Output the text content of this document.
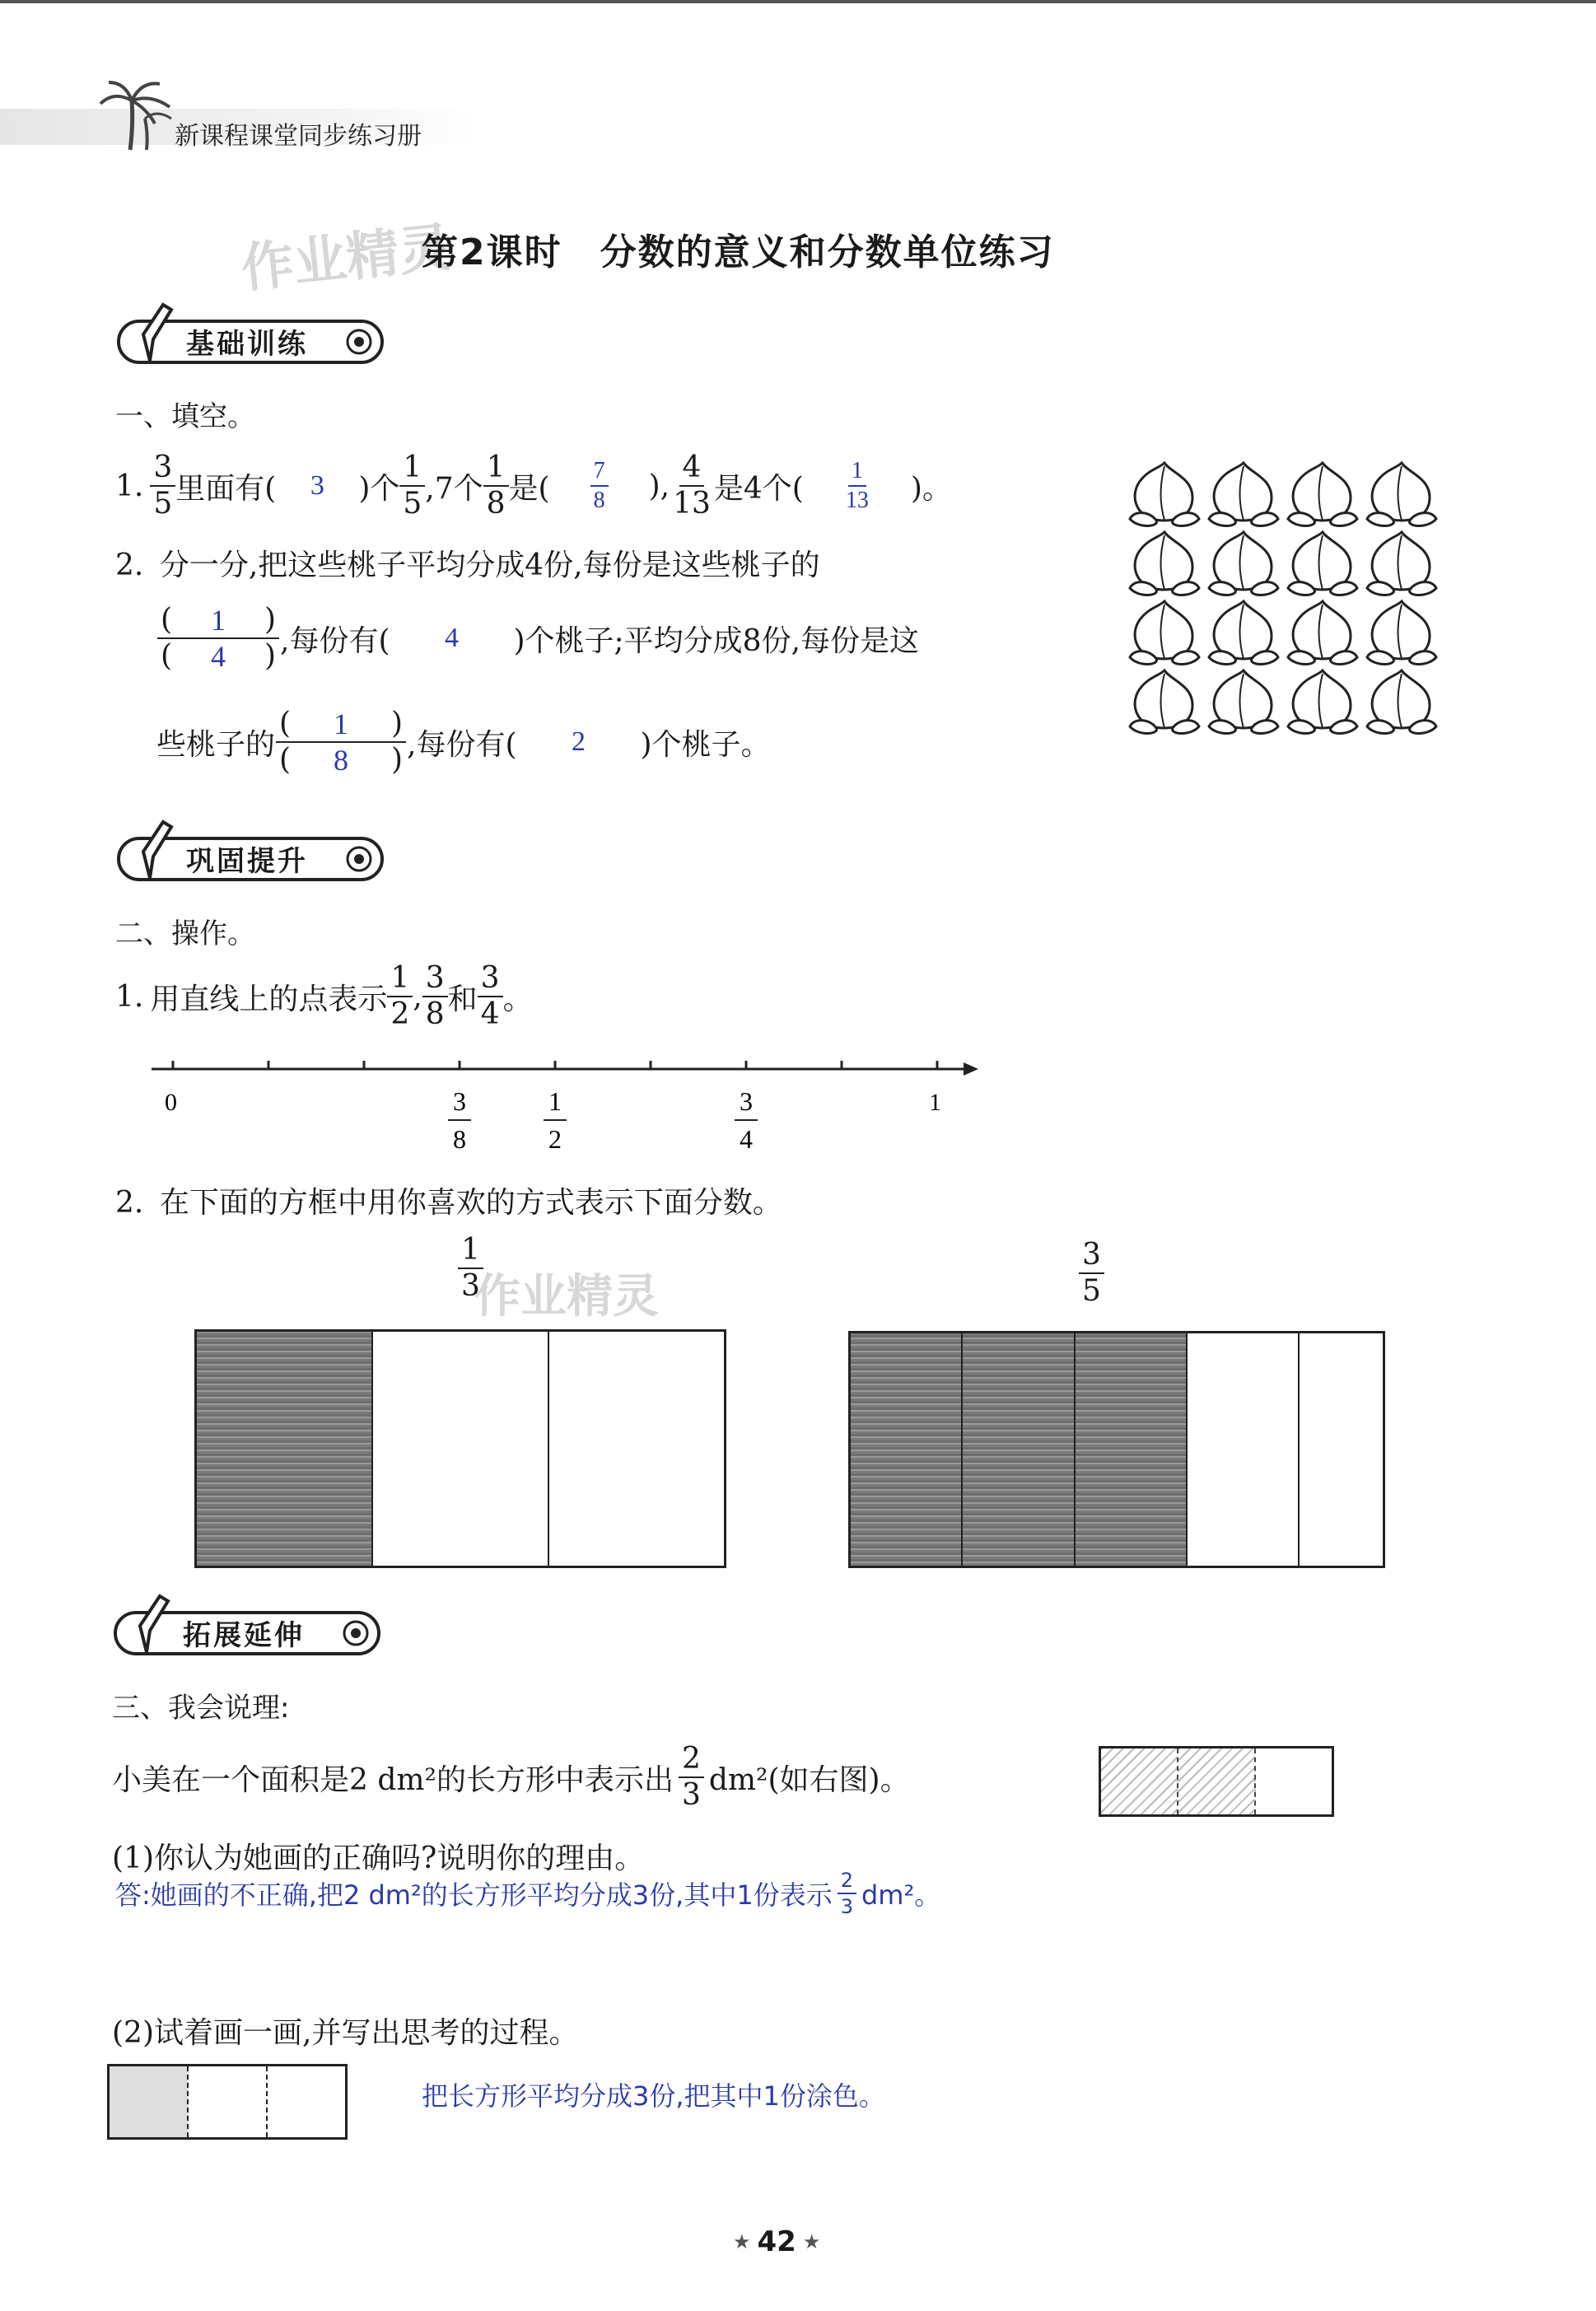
新课程课堂同步练习册
作业精灵
第2课时　分数的意义和分数单位练习
基础训练
一、填空。
1. $\frac{3}{5}$ 里面有(	3	)个 $\frac{1}{5} ,7$个 $\frac{1}{8}$ 是( $\frac{7}{8}$ ), $\frac{4}{13}$ 是4个( $\frac{1}{13}$ )。
2. 分一分,把这些桃子平均分成4份,每份是这些桃子的
$\frac{( 1 )}{( 4 )}$ ,每份有(	4	)个桃子;平均分成8份,每份是这
些桃子的 $\frac{( 1 )}{( 8 )}$ ,每份有(	2	)个桃子。
巩固提升
二、操作。
1. 用直线上的点表示 $\frac{1}{2}$ , $\frac{3}{8}$ 和 $\frac{3}{4}$ 。
0	1
3
8
1
2
3
4
2. 在下面的方框中用你喜欢的方式表示下面分数。
$\frac{1}{3}$
作业精灵	$\frac{3}{5}$
拓展延伸
三、我会说理:
小美在一个面积是2 dm²的长方形中表示出 $\frac{2}{3} dm^2$(如右图)。
(1)你认为她画的正确吗?说明你的理由。
答:她画的不正确,把2 dm²的长方形平均分成3份,其中1份表示 $\frac{2}{3} dm^2$。
(2)试着画一画,并写出思考的过程。
把长方形平均分成3份,把其中1份涂色。
★ 42 ★
